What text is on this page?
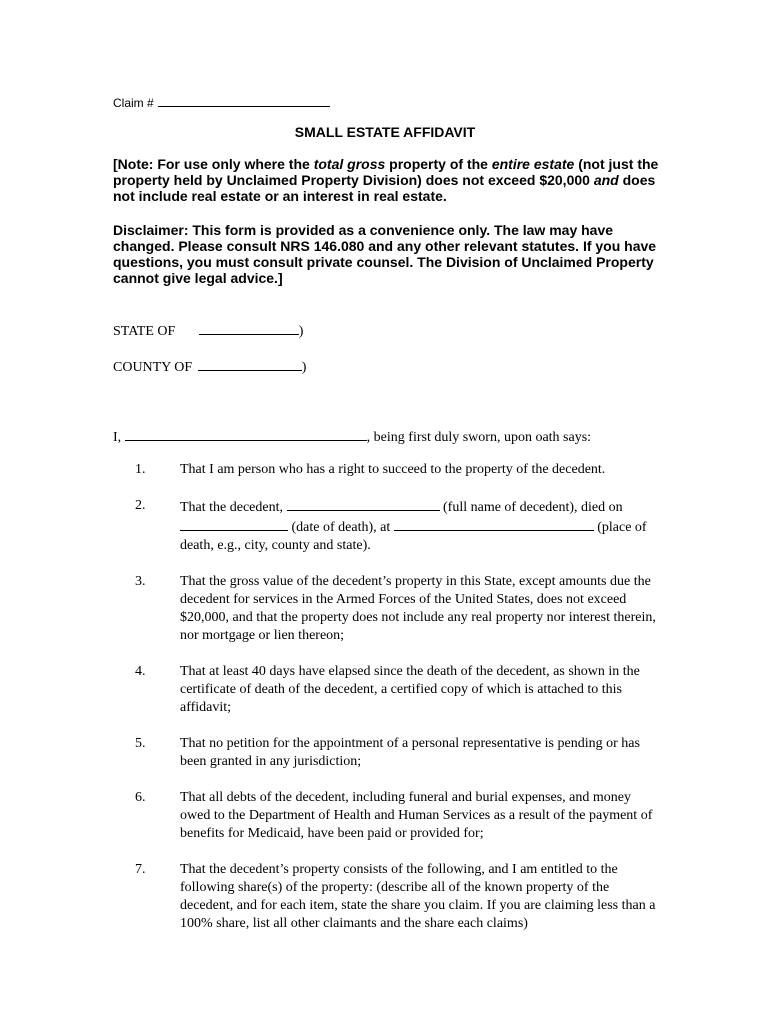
Claim #
SMALL ESTATE AFFIDAVIT
[Note: For use only where the total gross property of the entire estate (not just the property held by Unclaimed Property Division) does not exceed $20,000 and does not include real estate or an interest in real estate.
Disclaimer: This form is provided as a convenience only. The law may have changed. Please consult NRS 146.080 and any other relevant statutes. If you have questions, you must consult private counsel. The Division of Unclaimed Property cannot give legal advice.]
STATE OF	)
COUNTY OF	)
I,	, being first duly sworn, upon oath says:
1. That I am person who has a right to succeed to the property of the decedent.
2. That the decedent,	(full name of decedent), died on  (date of death), at	(place of death, e.g., city, county and state).
3. That the gross value of the decedent’s property in this State, except amounts due the decedent for services in the Armed Forces of the United States, does not exceed $20,000, and that the property does not include any real property nor interest therein, nor mortgage or lien thereon;
4. That at least 40 days have elapsed since the death of the decedent, as shown in the certificate of death of the decedent, a certified copy of which is attached to this affidavit;
5. That no petition for the appointment of a personal representative is pending or has been granted in any jurisdiction;
6. That all debts of the decedent, including funeral and burial expenses, and money owed to the Department of Health and Human Services as a result of the payment of benefits for Medicaid, have been paid or provided for;
7. That the decedent’s property consists of the following, and I am entitled to the following share(s) of the property: (describe all of the known property of the decedent, and for each item, state the share you claim. If you are claiming less than a 100% share, list all other claimants and the share each claims)
